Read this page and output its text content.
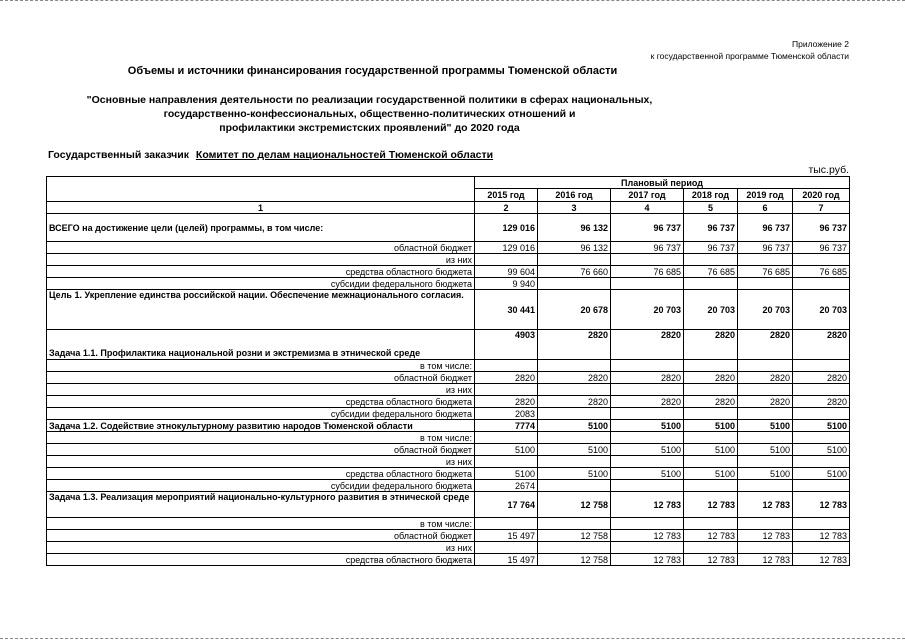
Приложение 2
к государственной программе Тюменской области
Объемы и источники финансирования государственной программы Тюменской области
"Основные направления деятельности по реализации государственной политики в сферах национальных,
государственно-конфессиональных, общественно-политических отношений и
профилактики экстремистских проявлений" до 2020 года
Государственный заказчик Комитет по делам национальностей Тюменской области
тыс.руб.
	Плановый период					
	2015 год	2016 год	2017 год	2018 год	2019 год	2020 год
1	2	3	4	5	6	7
ВСЕГО на достижение цели (целей) программы, в том числе:	129 016	96 132	96 737	96 737	96 737	96 737
областной бюджет	129 016	96 132	96 737	96 737	96 737	96 737
из них						
средства областного бюджета	99 604	76 660	76 685	76 685	76 685	76 685
субсидии федерального бюджета	9 940					
Цель 1. Укрепление единства российской нации. Обеспечение межнационального согласия.	30 441	20 678	20 703	20 703	20 703	20 703
Задача 1.1. Профилактика национальной розни и экстремизма в этнической среде	4903	2820	2820	2820	2820	2820
в том числе:						
областной бюджет	2820	2820	2820	2820	2820	2820
из них						
средства областного бюджета	2820	2820	2820	2820	2820	2820
субсидии федерального бюджета	2083					
Задача 1.2. Содействие этнокультурному развитию народов Тюменской области	7774	5100	5100	5100	5100	5100
в том числе:						
областной бюджет	5100	5100	5100	5100	5100	5100
из них						
средства областного бюджета	5100	5100	5100	5100	5100	5100
субсидии федерального бюджета	2674					
Задача 1.3. Реализация мероприятий национально-культурного развития в этнической среде	17 764	12 758	12 783	12 783	12 783	12 783
в том числе:						
областной бюджет	15 497	12 758	12 783	12 783	12 783	12 783
из них						
средства областного бюджета	15 497	12 758	12 783	12 783	12 783	12 783
